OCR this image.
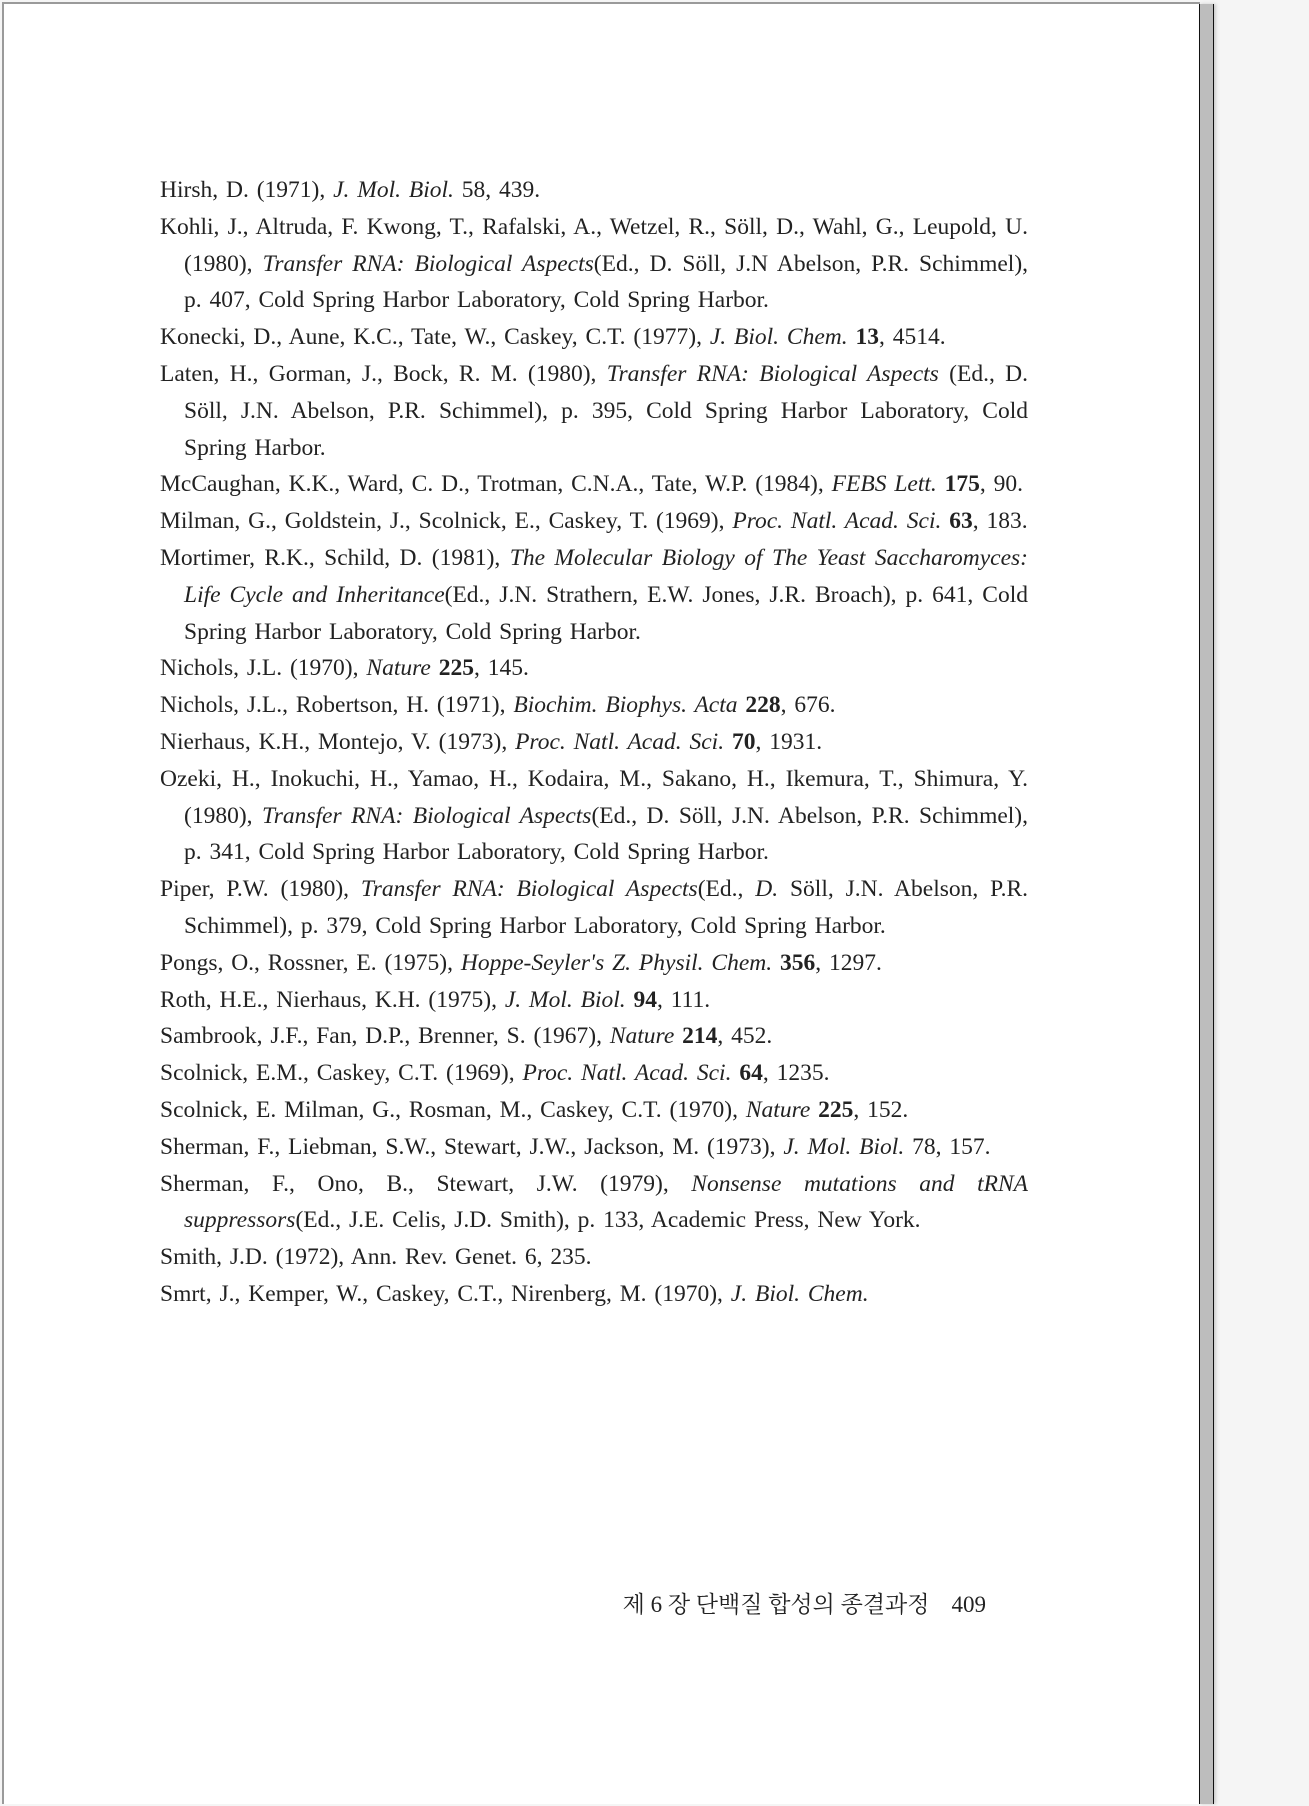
Hirsh, D. (1971), J. Mol. Biol. 58, 439.
Kohli, J., Altruda, F. Kwong, T., Rafalski, A., Wetzel, R., Söll, D., Wahl, G., Leupold, U. (1980), Transfer RNA: Biological Aspects(Ed., D. Söll, J.N Abelson, P.R. Schimmel), p. 407, Cold Spring Harbor Laboratory, Cold Spring Harbor.
Konecki, D., Aune, K.C., Tate, W., Caskey, C.T. (1977), J. Biol. Chem. 13, 4514.
Laten, H., Gorman, J., Bock, R. M. (1980), Transfer RNA: Biological Aspects (Ed., D. Söll, J.N. Abelson, P.R. Schimmel), p. 395, Cold Spring Harbor Laboratory, Cold Spring Harbor.
McCaughan, K.K., Ward, C. D., Trotman, C.N.A., Tate, W.P. (1984), FEBS Lett. 175, 90.
Milman, G., Goldstein, J., Scolnick, E., Caskey, T. (1969), Proc. Natl. Acad. Sci. 63, 183.
Mortimer, R.K., Schild, D. (1981), The Molecular Biology of The Yeast Saccharomyces: Life Cycle and Inheritance(Ed., J.N. Strathern, E.W. Jones, J.R. Broach), p. 641, Cold Spring Harbor Laboratory, Cold Spring Harbor.
Nichols, J.L. (1970), Nature 225, 145.
Nichols, J.L., Robertson, H. (1971), Biochim. Biophys. Acta 228, 676.
Nierhaus, K.H., Montejo, V. (1973), Proc. Natl. Acad. Sci. 70, 1931.
Ozeki, H., Inokuchi, H., Yamao, H., Kodaira, M., Sakano, H., Ikemura, T., Shimura, Y. (1980), Transfer RNA: Biological Aspects(Ed., D. Söll, J.N. Abelson, P.R. Schimmel), p. 341, Cold Spring Harbor Laboratory, Cold Spring Harbor.
Piper, P.W. (1980), Transfer RNA: Biological Aspects(Ed., D. Söll, J.N. Abelson, P.R. Schimmel), p. 379, Cold Spring Harbor Laboratory, Cold Spring Harbor.
Pongs, O., Rossner, E. (1975), Hoppe-Seyler's Z. Physil. Chem. 356, 1297.
Roth, H.E., Nierhaus, K.H. (1975), J. Mol. Biol. 94, 111.
Sambrook, J.F., Fan, D.P., Brenner, S. (1967), Nature 214, 452.
Scolnick, E.M., Caskey, C.T. (1969), Proc. Natl. Acad. Sci. 64, 1235.
Scolnick, E. Milman, G., Rosman, M., Caskey, C.T. (1970), Nature 225, 152.
Sherman, F., Liebman, S.W., Stewart, J.W., Jackson, M. (1973), J. Mol. Biol. 78, 157.
Sherman, F., Ono, B., Stewart, J.W. (1979), Nonsense mutations and tRNA suppressors(Ed., J.E. Celis, J.D. Smith), p. 133, Academic Press, New York.
Smith, J.D. (1972), Ann. Rev. Genet. 6, 235.
Smrt, J., Kemper, W., Caskey, C.T., Nirenberg, M. (1970), J. Biol. Chem.
제 6 장 단백질 합성의 종결과정 409
